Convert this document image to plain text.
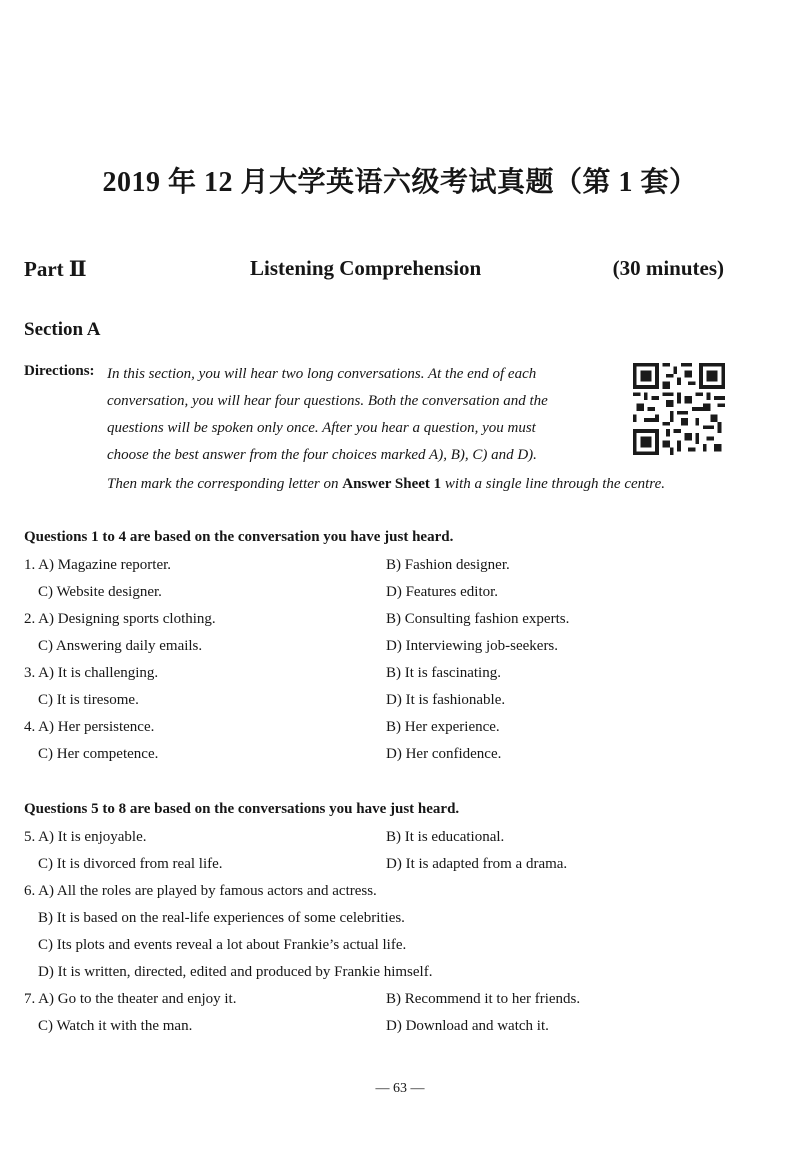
2019 年 12 月大学英语六级考试真题（第 1 套）
Part Ⅱ	Listening Comprehension	(30 minutes)
Section A
Directions: In this section, you will hear two long conversations. At the end of each
conversation, you will hear four questions. Both the conversation and the
questions will be spoken only once. After you hear a question, you must
choose the best answer from the four choices marked A), B), C) and D).
Then mark the corresponding letter on Answer Sheet 1 with a single line through the centre.
Questions 1 to 4 are based on the conversation you have just heard.
1. A) Magazine reporter.	B) Fashion designer.
C) Website designer.	D) Features editor.
2. A) Designing sports clothing.	B) Consulting fashion experts.
C) Answering daily emails.	D) Interviewing job-seekers.
3. A) It is challenging.	B) It is fascinating.
C) It is tiresome.	D) It is fashionable.
4. A) Her persistence.	B) Her experience.
C) Her competence.	D) Her confidence.
Questions 5 to 8 are based on the conversations you have just heard.
5. A) It is enjoyable.	B) It is educational.
C) It is divorced from real life.	D) It is adapted from a drama.
6. A) All the roles are played by famous actors and actress.
B) It is based on the real-life experiences of some celebrities.
C) Its plots and events reveal a lot about Frankie’s actual life.
D) It is written, directed, edited and produced by Frankie himself.
7. A) Go to the theater and enjoy it.	B) Recommend it to her friends.
C) Watch it with the man.	D) Download and watch it.
— 63 —
